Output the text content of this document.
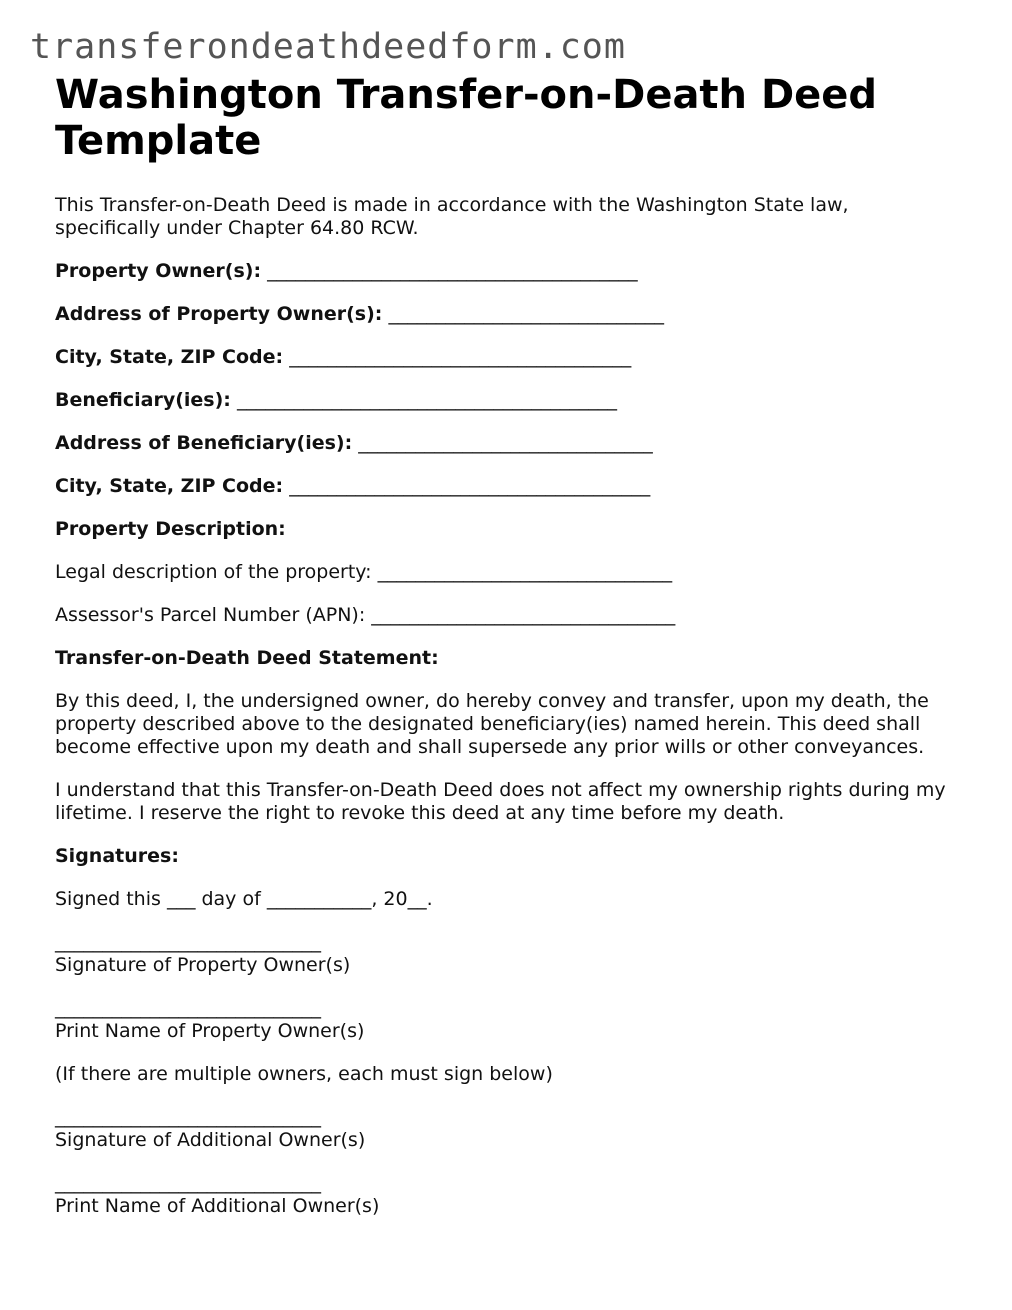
transferondeathdeedform.com
Washington Transfer-on-Death Deed Template

This Transfer-on-Death Deed is made in accordance with the Washington State law, specifically under Chapter 64.80 RCW.

Property Owner(s): _______________________________________

Address of Property Owner(s): _____________________________

City, State, ZIP Code: ____________________________________

Beneficiary(ies): ________________________________________

Address of Beneficiary(ies): _______________________________

City, State, ZIP Code: ______________________________________

Property Description:

Legal description of the property: _______________________________

Assessor's Parcel Number (APN): ________________________________

Transfer-on-Death Deed Statement:

By this deed, I, the undersigned owner, do hereby convey and transfer, upon my death, the property described above to the designated beneficiary(ies) named herein. This deed shall become effective upon my death and shall supersede any prior wills or other conveyances.

I understand that this Transfer-on-Death Deed does not affect my ownership rights during my lifetime. I reserve the right to revoke this deed at any time before my death.

Signatures:

Signed this ___ day of ___________, 20__.

____________________________

Signature of Property Owner(s)

____________________________

Print Name of Property Owner(s)

(If there are multiple owners, each must sign below)

____________________________

Signature of Additional Owner(s)

____________________________

Print Name of Additional Owner(s)
